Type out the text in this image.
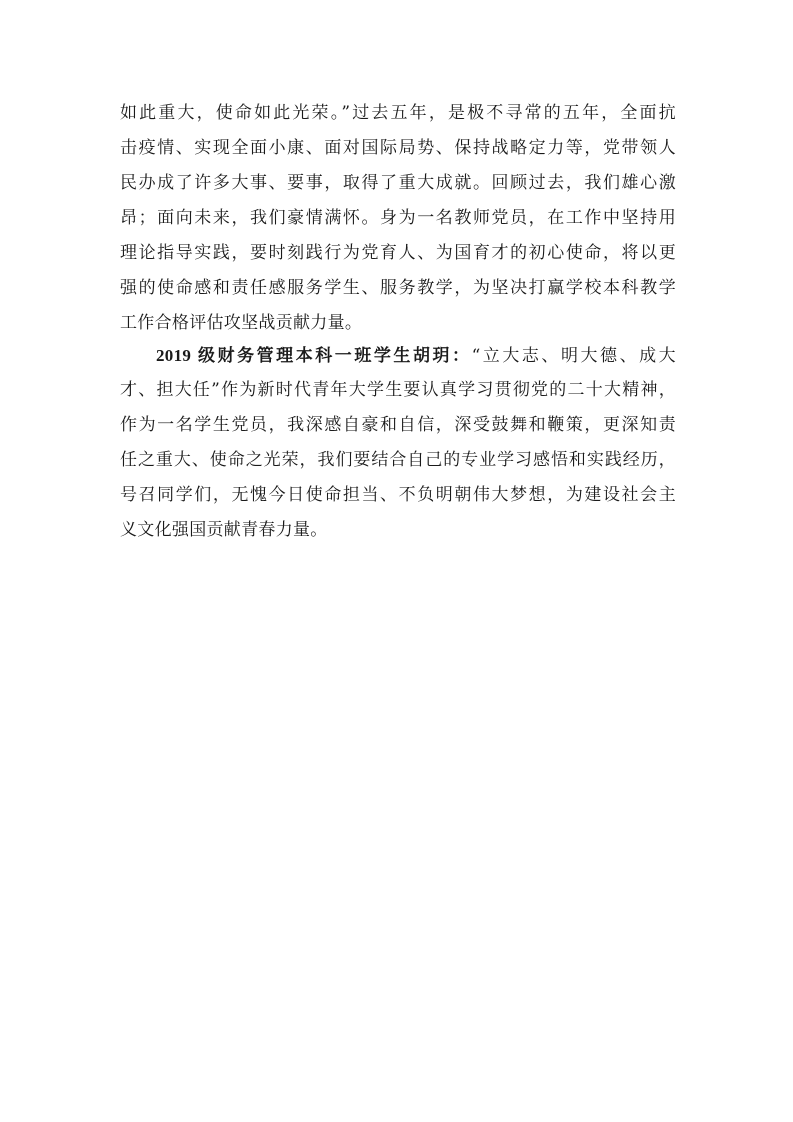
如此重大，使命如此光荣。”过去五年，是极不寻常的五年，全面抗
击疫情、实现全面小康、面对国际局势、保持战略定力等，党带领人
民办成了许多大事、要事，取得了重大成就。回顾过去，我们雄心激
昂；面向未来，我们豪情满怀。身为一名教师党员，在工作中坚持用
理论指导实践，要时刻践行为党育人、为国育才的初心使命，将以更
强的使命感和责任感服务学生、服务教学，为坚决打赢学校本科教学
工作合格评估攻坚战贡献力量。
2019 级财务管理本科一班学生胡玥：“立大志、明大德、成大
才、担大任”作为新时代青年大学生要认真学习贯彻党的二十大精神，
作为一名学生党员，我深感自豪和自信，深受鼓舞和鞭策，更深知责
任之重大、使命之光荣，我们要结合自己的专业学习感悟和实践经历，
号召同学们，无愧今日使命担当、不负明朝伟大梦想，为建设社会主
义文化强国贡献青春力量。
